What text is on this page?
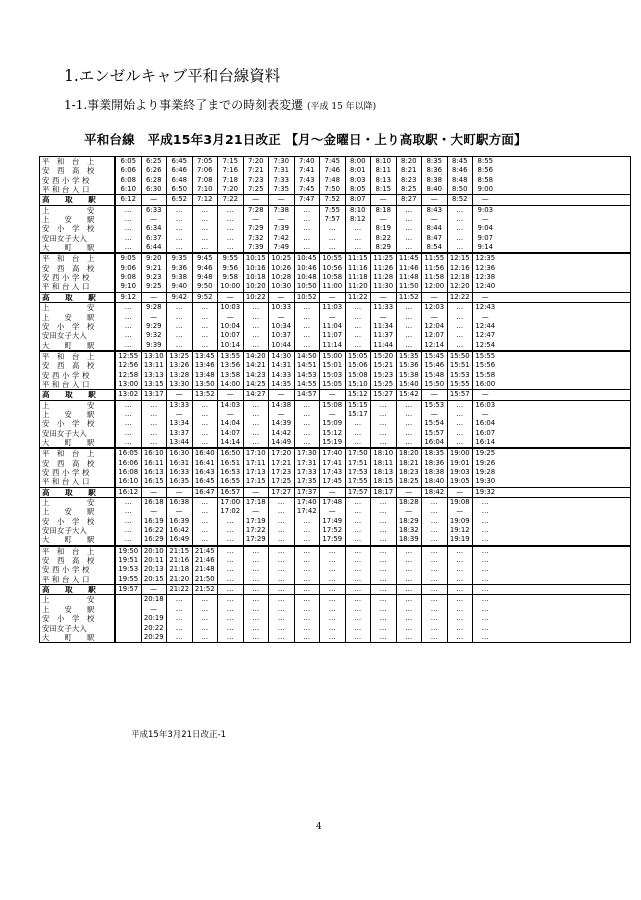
1.エンゼルキャブ平和台線資料
1-1.事業開始より事業終了までの時刻表変遷 (平成 15 年以降)
平和台線　平成15年3月21日改正 【月～金曜日・上り高取駅・大町駅方面】
平　和　台　上	6:05	6:25	6:45	7:05	7:15	7:20	7:30	7:40	7:45	8:00	8:10	8:20	8:35	8:45	8:55
安　西　高　校	6:06	6:26	6:46	7:06	7:16	7:21	7:31	7:41	7:46	8:01	8:11	8:21	8:36	8:46	8:56
安 西 小 学 校	6:08	6:28	6:48	7:08	7:18	7:23	7:33	7:43	7:48	8:03	8:13	8:23	8:38	8:48	8:58
平 和 台 入 口	6:10	6:30	6:50	7:10	7:20	7:25	7:35	7:45	7:50	8:05	8:15	8:25	8:40	8:50	9:00
高　　取　　駅	6:12	—	6:52	7:12	7:22	—	—	7:47	7:52	8:07	—	8:27	—	8:52	—
上　　　　　安	…	6:33	…	…	…	7:28	7:38	…	7:55	8:10	8:18	…	8:43	…	9:03
上　　安　　駅	…	—	…	…	…	—	—	…	7:57	8:12	—	…	—	…	—
安　小　学　校	…	6:34	…	…	…	7:29	7:39	…	…	…	8:19	…	8:44	…	9:04
安田女子大入	…	6:37	…	…	…	7:32	7:42	…	…	…	8:22	…	8:47	…	9:07
大　　町　　駅	…	6:44	…	…	…	7:39	7:49	…	…	…	8:29	…	8:54	…	9:14
平　和　台　上	9:05	9:20	9:35	9:45	9:55	10:15 10:25 10:45 10:55 11:15 11:25 11:45 11:55 12:15 12:35
安　西　高　校	9:06	9:21	9:36	9:46	9:56	10:16 10:26 10:46 10:56 11:16 11:26 11:46 11:56 12:16 12:36
安 西 小 学 校	9:08	9:23	9:38	9:48	9:58	10:18 10:28 10:48 10:58 11:18 11:28 11:48 11:58 12:18 12:38
平 和 台 入 口	9:10	9:25	9:40	9:50	10:00 10:20 10:30 10:50 11:00 11:20 11:30 11:50 12:00 12:20 12:40
高　　取　　駅	9:12	—	9:42	9:52	—	10:22	—	10:52	—	11:22	—	11:52	—	12:22	—
上　　　　　安	…	9:28	…	…	10:03	…	10:33	…	11:03	…	11:33	…	12:03	…	12:43
上　　安　　駅	…	—	…	…	—	…	—	…	—	…	—	…	—	…	—
安　小　学　校	…	9:29	…	…	10:04	…	10:34	…	11:04	…	11:34	…	12:04	…	12:44
安田女子大入	…	9:32	…	…	10:07	…	10:37	…	11:07	…	11:37	…	12:07	…	12:47
大　　町　　駅	…	9:39	…	…	10:14	…	10:44	…	11:14	…	11:44	…	12:14	…	12:54
平　和　台　上	12:55 13:10 13:25 13:45 13:55 14:20 14:30 14:50 15:00 15:05 15:20 15:35 15:45 15:50 15:55
安　西　高　校	12:56 13:11 13:26 13:46 13:56 14:21 14:31 14:51 15:01 15:06 15:21 15:36 15:46 15:51 15:56
安 西 小 学 校	12:58 13:13 13:28 13:48 13:58 14:23 14:33 14:53 15:03 15:08 15:23 15:38 15:48 15:53 15:58
平 和 台 入 口	13:00 13:15 13:30 13:50 14:00 14:25 14:35 14:55 15:05 15:10 15:25 15:40 15:50 15:55 16:00
高　　取　　駅	13:02 13:17	—	13:52	—	14:27	—	14:57	—	15:12 15:27 15:42	—	15:57	—
上　　　　　安	…	…	13:33	…	14:03	…	14:38	…	15:08 15:15	…	…	15:53	…	16:03
上　　安　　駅	…	…	—	…	—	…	—	…	—	15:17	…	…	—	…	—
安　小　学　校	…	…	13:34	…	14:04	…	14:39	…	15:09	…	…	…	15:54	…	16:04
安田女子大入	…	…	13:37	…	14:07	…	14:42	…	15:12	…	…	…	15:57	…	16:07
大　　町　　駅	…	…	13:44	…	14:14	…	14:49	…	15:19	…	…	…	16:04	…	16:14
平　和　台　上	16:05 16:10 16:30 16:40 16:50 17:10 17:20 17:30 17:40 17:50 18:10 18:20 18:35 19:00 19:25
安　西　高　校	16:06 16:11 16:31 16:41 16:51 17:11 17:21 17:31 17:41 17:51 18:11 18:21 18:36 19:01 19:26
安 西 小 学 校	16:08 16:13 16:33 16:43 16:53 17:13 17:23 17:33 17:43 17:53 18:13 18:23 18:38 19:03 19:28
平 和 台 入 口	16:10 16:15 16:35 16:45 16:55 17:15 17:25 17:35 17:45 17:55 18:15 18:25 18:40 19:05 19:30
高　　取　　駅	16:12	—	—	16:47 16:57	—	17:27 17:37	—	17:57 18:17	—	18:42	—	19:32
上　　　　　安	…	16:18 16:38	…	17:00 17:18	…	17:40 17:48	…	…	18:28	…	19:08	…
上　　安　　駅	…	—	—	…	17:02	—	…	17:42	—	…	…	—	…	—	…
安　小　学　校	…	16:19 16:39	…	…	17:19	…	…	17:49	…	…	18:29	…	19:09	…
安田女子大入	…	16:22 16:42	…	…	17:22	…	…	17:52	…	…	18:32	…	19:12	…
大　　町　　駅	…	16:29 16:49	…	…	17:29	…	…	17:59	…	…	18:39	…	19:19	…
平　和　台　上	19:50 20:10 21:15 21:45	…	…	…	…	…	…	…	…	…	…	…
安　西　高　校	19:51 20:11 21:16 21:46	…	…	…	…	…	…	…	…	…	…	…
安 西 小 学 校	19:53 20:13 21:18 21:48	…	…	…	…	…	…	…	…	…	…	…
平 和 台 入 口	19:55 20:15 21:20 21:50	…	…	…	…	…	…	…	…	…	…	…
高　　取　　駅	19:57	—	21:22 21:52	…	…	…	…	…	…	…	…	…	…	…
上　　　　　安	20:18	…	…	…	…	…	…	…	…	…	…	…	…	…
上　　安　　駅	—	…	…	…	…	…	…	…	…	…	…	…	…	…
安　小　学　校	20:19	…	…	…	…	…	…	…	…	…	…	…	…	…
安田女子大入	20:22	…	…	…	…	…	…	…	…	…	…	…	…	…
大　　町　　駅	20:29	…	…	…	…	…	…	…	…	…	…	…	…	…
平成15年3月21日改正-1
4
